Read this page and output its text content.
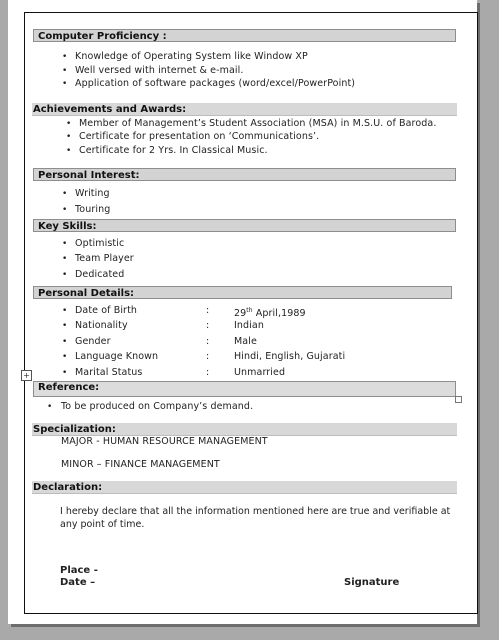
Computer Proficiency :
• Knowledge of Operating System like Window XP
• Well versed with internet & e-mail.
• Application of software packages (word/excel/PowerPoint)
Achievements and Awards:
• Member of Management’s Student Association (MSA) in M.S.U. of Baroda.
• Certificate for presentation on ‘Communications’.
• Certificate for 2 Yrs. In Classical Music.
Personal Interest:
• Writing
• Touring
Key Skills:
• Optimistic
• Team Player
• Dedicated
Personal Details:
• Date of Birth	:	29th April,1989
• Nationality	:	Indian
• Gender	:	Male
• Language Known	:	Hindi, English, Gujarati
• Marital Status	:	Unmarried
+
Reference:
• To be produced on Company’s demand.
Specialization:
MAJOR - HUMAN RESOURCE MANAGEMENT
MINOR – FINANCE MANAGEMENT
Declaration:
I hereby declare that all the information mentioned here are true and verifiable at any point of time.
Place -
Date –	Signature
